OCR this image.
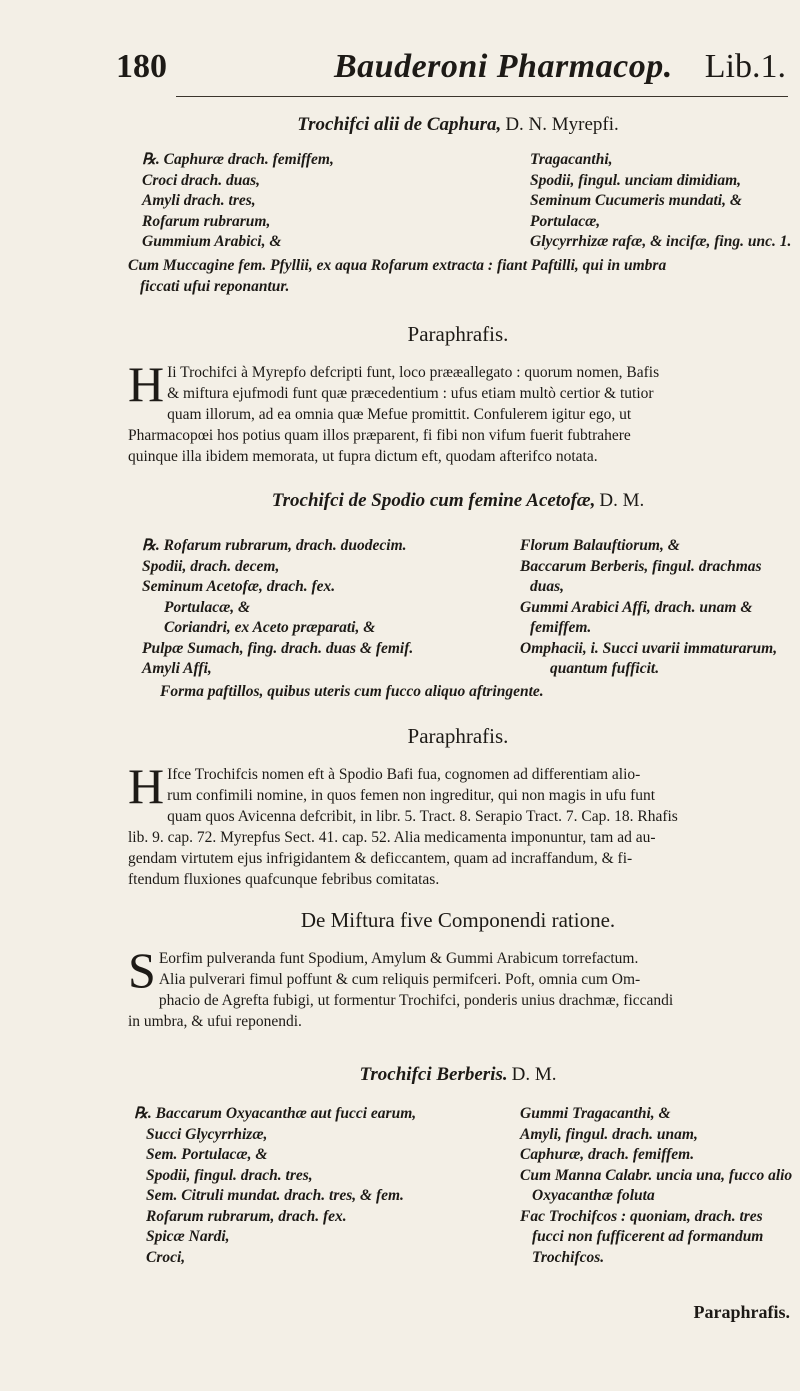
180	Bauderoni Pharmacop. Lib.1.
Trochifci alii de Caphura, D. N. Myrepfi.
℞. Caphuræ drach. femiffem,
Croci drach. duas,
Amyli drach. tres,
Rofarum rubrarum,
Gummium Arabici, &
Tragacanthi,
Spodii, fingul. unciam dimidiam,
Seminum Cucumeris mundati, &
Portulacæ,
Glycyrrhizæ rafæ, & incifæ, fing. unc. 1.
Cum Muccagine fem. Pfyllii, ex aqua Rofarum extracta : fiant Paftilli, qui in umbra
ficcati ufui reponantur.
Paraphrafis.
H Ii Trochifci à Myrepfo defcripti funt, loco prææallegato : quorum nomen, Bafis
& miftura ejufmodi funt quæ præcedentium : ufus etiam multò certior & tutior
quam illorum, ad ea omnia quæ Mefue promittit. Confulerem igitur ego, ut
Pharmacopœi hos potius quam illos præparent, fi fibi non vifum fuerit fubtrahere
quinque illa ibidem memorata, ut fupra dictum eft, quodam afterifco notata.
Trochifci de Spodio cum femine Acetofæ, D. M.
℞. Rofarum rubrarum, drach. duodecim.
Spodii, drach. decem,
Seminum Acetofæ, drach. fex.
Portulacæ, &
Coriandri, ex Aceto præparati, &
Pulpæ Sumach, fing. drach. duas & femif.
Amyli Affi,
Florum Balauftiorum, &
Baccarum Berberis, fingul. drachmas
duas,
Gummi Arabici Affi, drach. unam &
femiffem.
Omphacii, i. Succi uvarii immaturarum,
quantum fufficit.
Forma paftillos, quibus uteris cum fucco aliquo aftringente.
Paraphrafis.
H Ifce Trochifcis nomen eft à Spodio Bafi fua, cognomen ad differentiam alio-
rum confimili nomine, in quos femen non ingreditur, qui non magis in ufu funt
quam quos Avicenna defcribit, in libr. 5. Tract. 8. Serapio Tract. 7. Cap. 18. Rhafis
lib. 9. cap. 72. Myrepfus Sect. 41. cap. 52. Alia medicamenta imponuntur, tam ad au-
gendam virtutem ejus infrigidantem & deficcantem, quam ad incraffandum, & fi-
ftendum fluxiones quafcunque febribus comitatas.
De Miftura five Componendi ratione.
S Eorfim pulveranda funt Spodium, Amylum & Gummi Arabicum torrefactum.
Alia pulverari fimul poffunt & cum reliquis permifceri. Poft, omnia cum Om-
phacio de Agrefta fubigi, ut formentur Trochifci, ponderis unius drachmæ, ficcandi
in umbra, & ufui reponendi.
Trochifci Berberis. D. M.
℞. Baccarum Oxyacanthæ aut fucci earum,
Succi Glycyrrhizæ,
Sem. Portulacæ, &
Spodii, fingul. drach. tres,
Sem. Citruli mundat. drach. tres, & fem.
Rofarum rubrarum, drach. fex.
Spicæ Nardi,
Croci,
Gummi Tragacanthi, &
Amyli, fingul. drach. unam,
Caphuræ, drach. femiffem.
Cum Manna Calabr. uncia una, fucco alio
Oxyacanthæ foluta
Fac Trochifcos : quoniam, drach. tres
fucci non fufficerent ad formandum
Trochifcos.
Paraphrafis.
